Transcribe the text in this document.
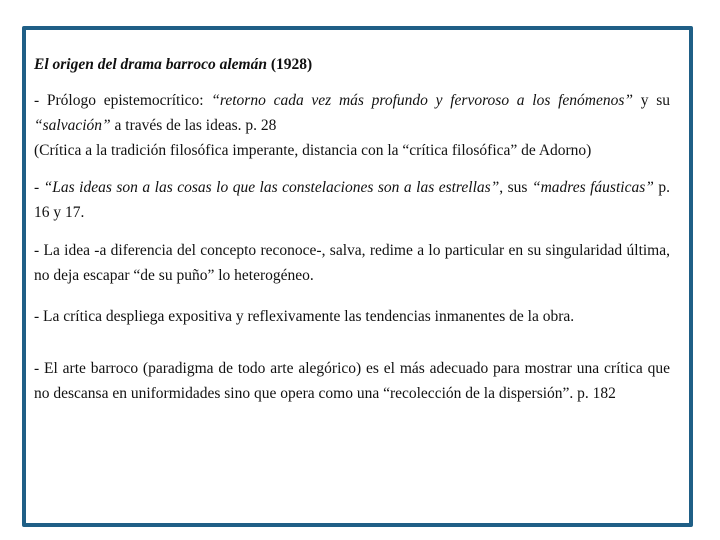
El origen del drama barroco alemán (1928)

- Prólogo epistemocrítico: “retorno cada vez más profundo y fervoroso a los fenómenos” y su “salvación” a través de las ideas. p. 28

(Crítica a la tradición filosófica imperante, distancia con la “crítica filosófica” de Adorno)

- “Las ideas son a las cosas lo que las constelaciones son a las estrellas”, sus “madres fáusticas” p. 16 y 17.

- La idea -a diferencia del concepto reconoce-, salva, redime a lo particular en su singularidad última, no deja escapar “de su puño” lo heterogéneo.

- La crítica despliega expositiva y reflexivamente las tendencias inmanentes de la obra.

- El arte barroco (paradigma de todo arte alegórico) es el más adecuado para mostrar una crítica que no descansa en uniformidades sino que opera como una “recolección de la dispersión”. p. 182
